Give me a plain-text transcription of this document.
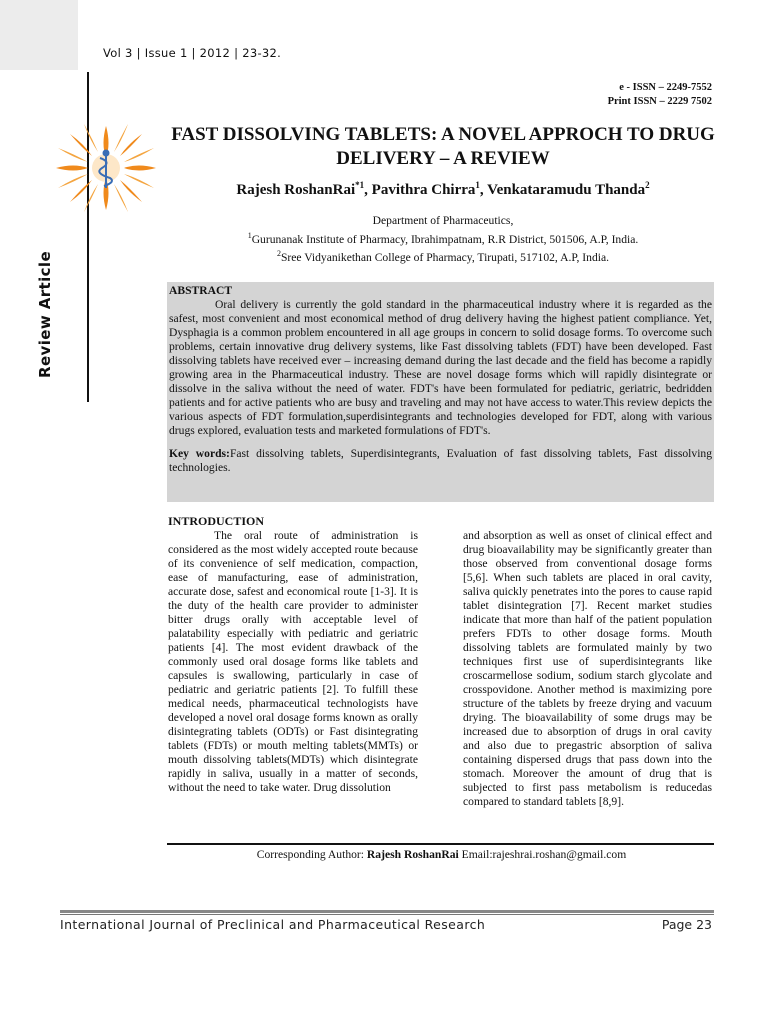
Vol 3 | Issue 1 | 2012 | 23-32.
e - ISSN – 2249-7552
Print ISSN – 2229 7502
Review Article
FAST DISSOLVING TABLETS: A NOVEL APPROCH TO DRUG DELIVERY – A REVIEW
Rajesh RoshanRai$^{*1}$, Pavithra Chirra$^1$, Venkataramudu Thanda$^2$
Department of Pharmaceutics,
$^1$Gurunanak Institute of Pharmacy, Ibrahimpatnam, R.R District, 501506, A.P, India.
$^2$Sree Vidyanikethan College of Pharmacy, Tirupati, 517102, A.P, India.
ABSTRACT

Oral delivery is currently the gold standard in the pharmaceutical industry where it is regarded as the safest, most convenient and most economical method of drug delivery having the highest patient compliance. Yet, Dysphagia is a common problem encountered in all age groups in concern to solid dosage forms. To overcome such problems, certain innovative drug delivery systems, like Fast dissolving tablets (FDT) have been developed. Fast dissolving tablets have received ever – increasing demand during the last decade and the field has become a rapidly growing area in the Pharmaceutical industry. These are novel dosage forms which will rapidly disintegrate or dissolve in the saliva without the need of water. FDT's have been formulated for pediatric, geriatric, bedridden patients and for active patients who are busy and traveling and may not have access to water.This review depicts the various aspects of FDT formulation,superdisintegrants and technologies developed for FDT, along with various drugs explored, evaluation tests and marketed formulations of FDT's.

Key words:Fast dissolving tablets, Superdisintegrants, Evaluation of fast dissolving tablets, Fast dissolving technologies.

INTRODUCTION
The oral route of administration is considered as the most widely accepted route because of its convenience of self medication, compaction, ease of manufacturing, ease of administration, accurate dose, safest and economical route [1-3]. It is the duty of the health care provider to administer bitter drugs orally with acceptable level of palatability especially with pediatric and geriatric patients [4]. The most evident drawback of the commonly used oral dosage forms like tablets and capsules is swallowing, particularly in case of pediatric and geriatric patients [2]. To fulfill these medical needs, pharmaceutical technologists have developed a novel oral dosage forms known as orally disintegrating tablets (ODTs) or Fast disintegrating tablets (FDTs) or mouth melting tablets(MMTs) or mouth dissolving tablets(MDTs) which disintegrate rapidly in saliva, usually in a matter of seconds, without the need to take water. Drug dissolution
and absorption as well as onset of clinical effect and drug bioavailability may be significantly greater than those observed from conventional dosage forms [5,6]. When such tablets are placed in oral cavity, saliva quickly penetrates into the pores to cause rapid tablet disintegration [7]. Recent market studies indicate that more than half of the patient population prefers FDTs to other dosage forms. Mouth dissolving tablets are formulated mainly by two techniques first use of superdisintegrants like croscarmellose sodium, sodium starch glycolate and crosspovidone. Another method is maximizing pore structure of the tablets by freeze drying and vacuum drying. The bioavailability of some drugs may be increased due to absorption of drugs in oral cavity and also due to pregastric absorption of saliva containing dispersed drugs that pass down into the stomach. Moreover the amount of drug that is subjected to first pass metabolism is reducedas compared to standard tablets [8,9].
Corresponding Author: Rajesh RoshanRai Email:rajeshrai.roshan@gmail.com
International Journal of Preclinical and Pharmaceutical Research	Page 23
